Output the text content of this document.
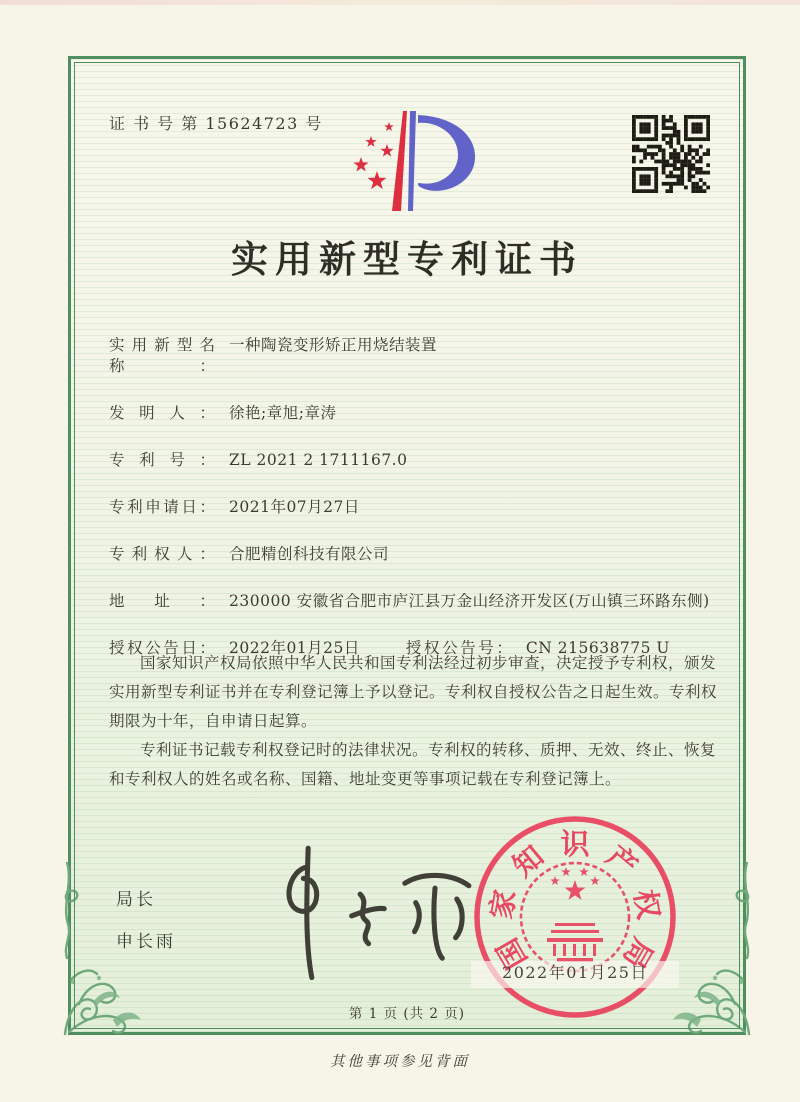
证 书 号 第 15624723 号
实用新型专利证书
实用新型名称：
一种陶瓷变形矫正用烧结装置
发明人： 徐艳;章旭;章涛
专利号： ZL 2021 2 1711167.0
专利申请日： 2021年07月27日
专利权人： 合肥精创科技有限公司
地址： 230000 安徽省合肥市庐江县万金山经济开发区(万山镇三环路东侧)
授权公告日： 2022年01月25日	授权公告号： CN 215638775 U

国家知识产权局依照中华人民共和国专利法经过初步审查，决定授予专利权，颁发实用新型专利证书并在专利登记簿上予以登记。专利权自授权公告之日起生效。专利权期限为十年，自申请日起算。

专利证书记载专利权登记时的法律状况。专利权的转移、质押、无效、终止、恢复和专利权人的姓名或名称、国籍、地址变更等事项记载在专利登记簿上。

局长
申长雨	国
家
知 识 产
权
局
2022年01月25日
第 1 页 (共 2 页)
其他事项参见背面
